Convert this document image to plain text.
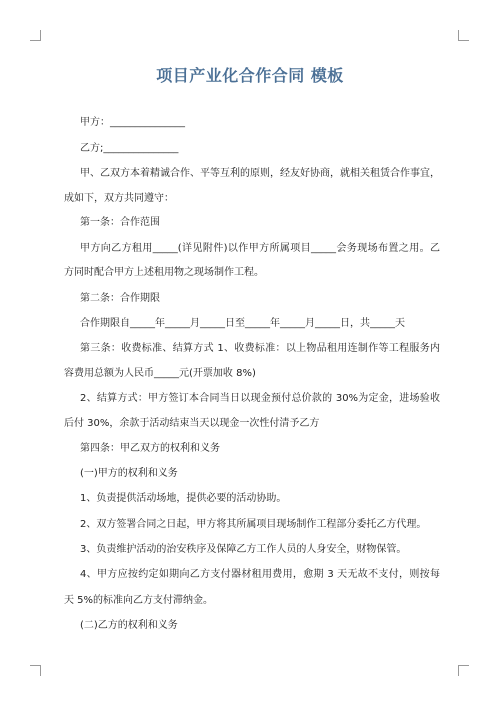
项目产业化合作合同 模板
甲方：_______________
乙方;_______________
甲、乙双方本着精诚合作、平等互利的原则，经友好协商，就相关租赁合作事宜，
成如下，双方共同遵守：
第一条：合作范围
甲方向乙方租用_____(详见附件)以作甲方所属项目_____会务现场布置之用。乙
方同时配合甲方上述租用物之现场制作工程。
第二条：合作期限
合作期限自_____年_____月_____日至_____年_____月_____日，共_____天
第三条：收费标准、结算方式 1、收费标准：以上物品租用连制作等工程服务内
容费用总额为人民币_____元(开票加收 8%)
2、结算方式：甲方签订本合同当日以现金预付总价款的 30%为定金，进场验收
后付 30%，余款于活动结束当天以现金一次性付清予乙方
第四条：甲乙双方的权利和义务
(一)甲方的权利和义务
1、负责提供活动场地，提供必要的活动协助。
2、双方签署合同之日起，甲方将其所属项目现场制作工程部分委托乙方代理。
3、负责维护活动的治安秩序及保障乙方工作人员的人身安全，财物保管。
4、甲方应按约定如期向乙方支付器材租用费用，愈期 3 天无故不支付，则按每
天 5%的标准向乙方支付滞纳金。
(二)乙方的权利和义务
